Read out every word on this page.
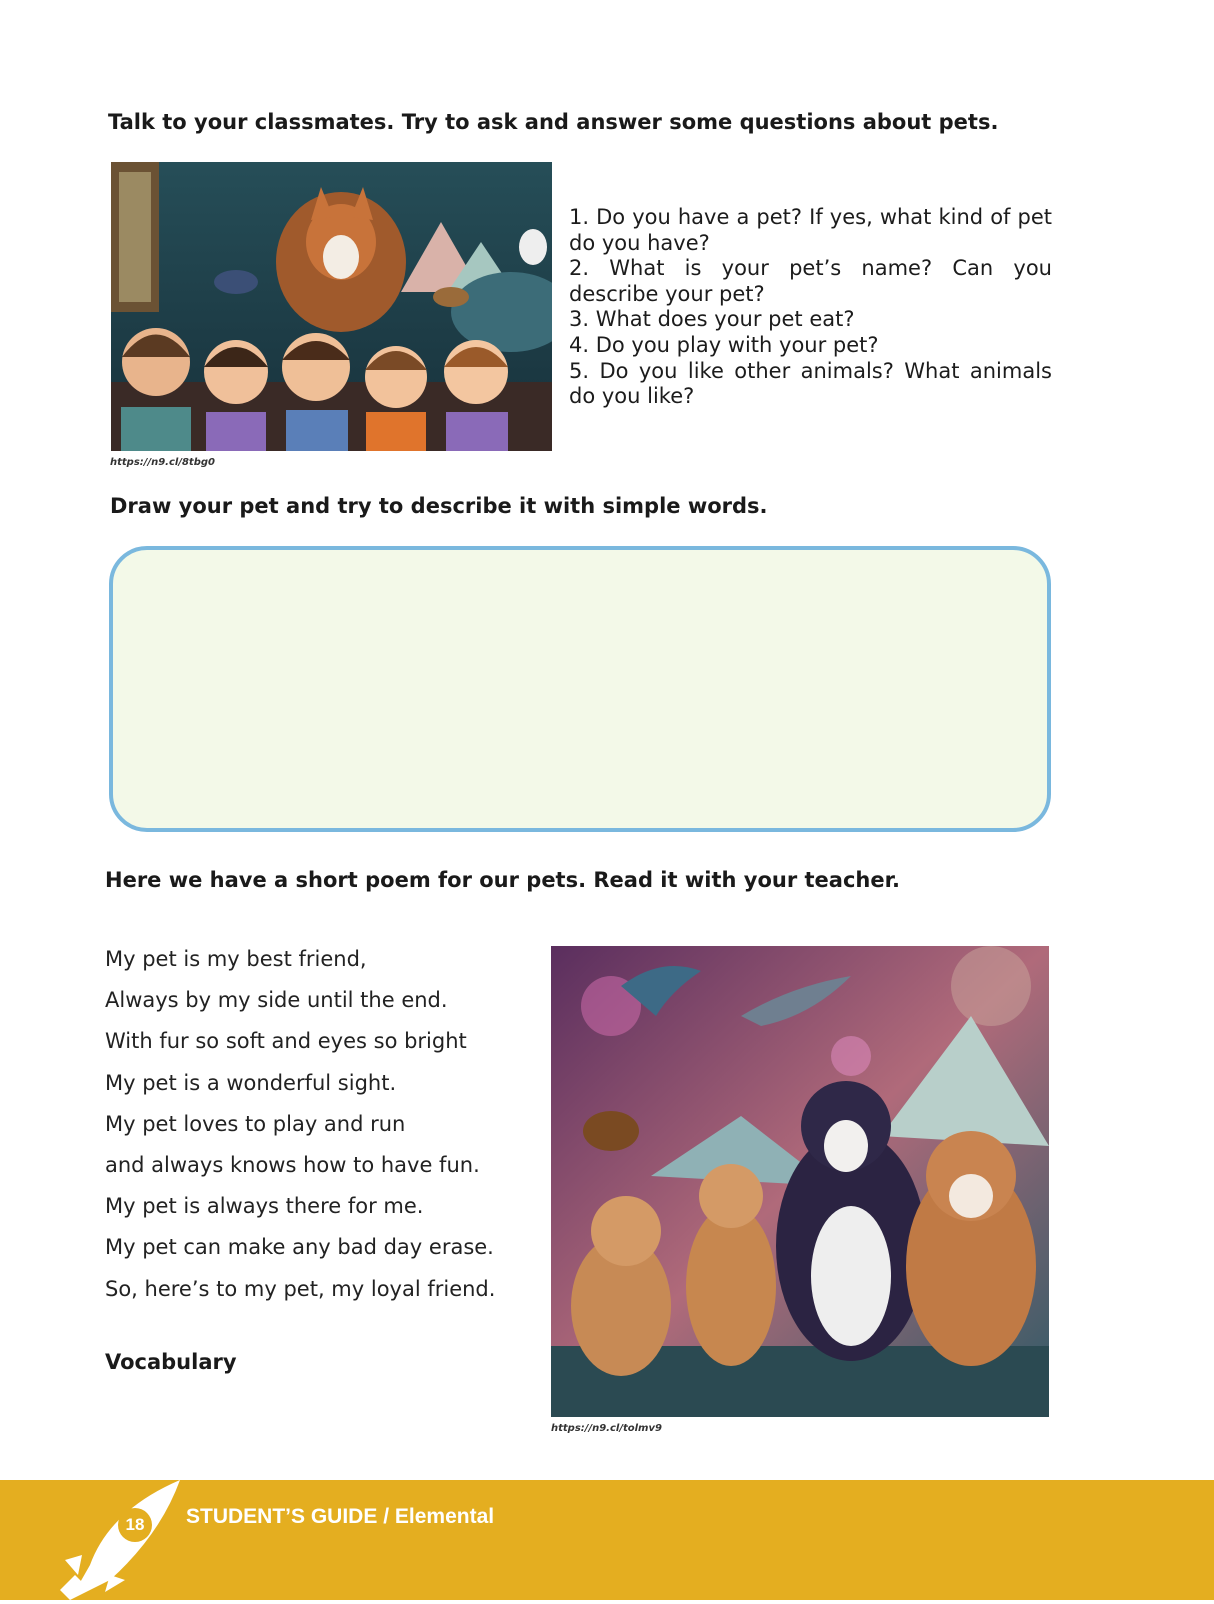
Talk to your classmates. Try to ask and answer some questions about pets.
https://n9.cl/8tbg0
1. Do you have a pet? If yes, what kind of pet do you have?
2. What is your pet’s name? Can you describe your pet?
3. What does your pet eat?
4. Do you play with your pet?
5. Do you like other animals? What animals do you like?
Draw your pet and try to describe it with simple words.
Here we have a short poem for our pets. Read it with your teacher.
My pet is my best friend,
Always by my side until the end.
With fur so soft and eyes so bright
My pet is a wonderful sight.
My pet loves to play and run
and always knows how to have fun.
My pet is always there for me.
My pet can make any bad day erase.
So, here’s to my pet, my loyal friend.
Vocabulary
https://n9.cl/tolmv9
18	STUDENT’S GUIDE / Elemental
